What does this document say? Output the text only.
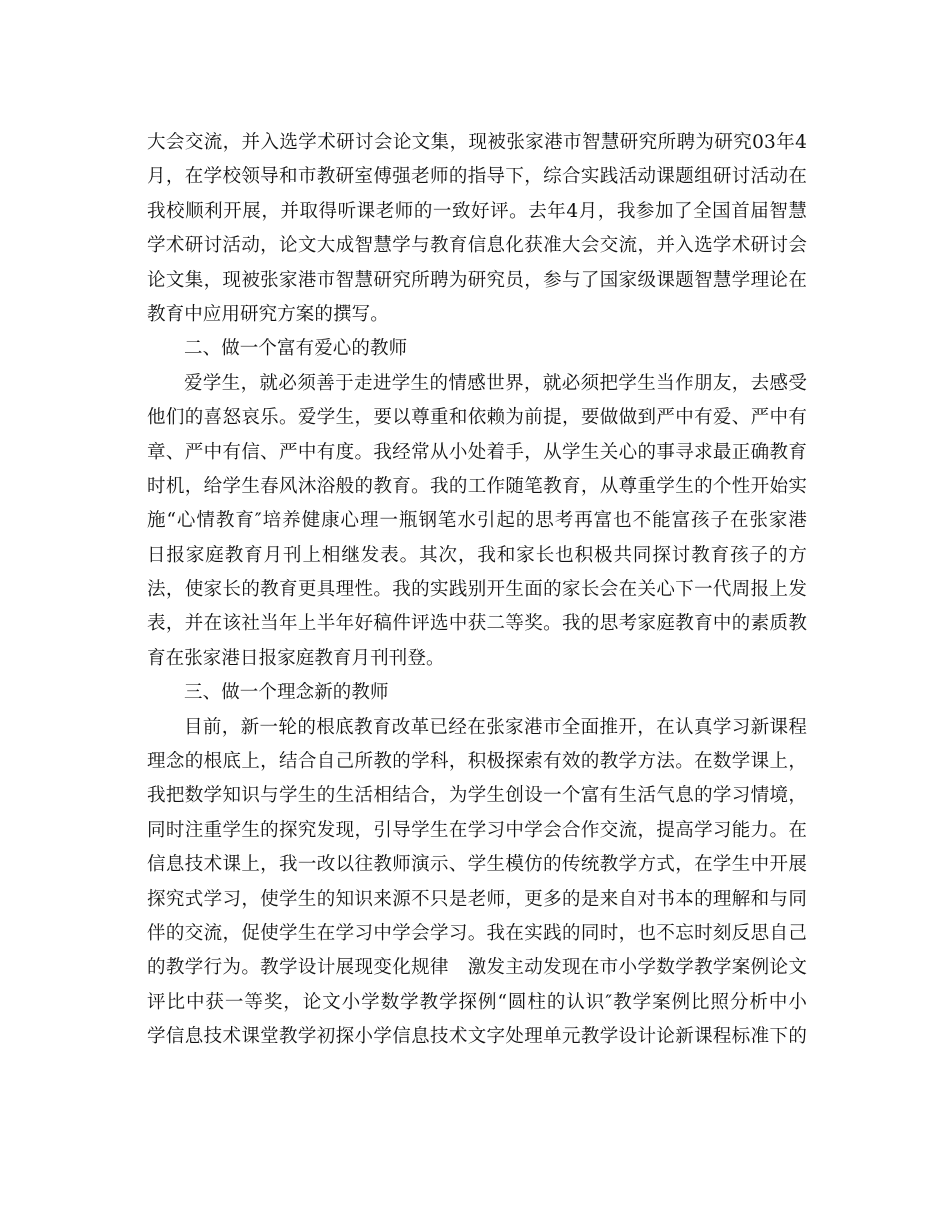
大会交流，并入选学术研讨会论文集，现被张家港市智慧研究所聘为研究03年4
月，在学校领导和市教研室傅强老师的指导下，综合实践活动课题组研讨活动在
我校顺利开展，并取得听课老师的一致好评。去年4月，我参加了全国首届智慧
学术研讨活动，论文大成智慧学与教育信息化获准大会交流，并入选学术研讨会
论文集，现被张家港市智慧研究所聘为研究员，参与了国家级课题智慧学理论在
教育中应用研究方案的撰写。
二、做一个富有爱心的教师
爱学生，就必须善于走进学生的情感世界，就必须把学生当作朋友，去感受
他们的喜怒哀乐。爱学生，要以尊重和依赖为前提，要做做到严中有爱、严中有
章、严中有信、严中有度。我经常从小处着手，从学生关心的事寻求最正确教育
时机，给学生春风沐浴般的教育。我的工作随笔教育，从尊重学生的个性开始实
施“心情教育″培养健康心理一瓶钢笔水引起的思考再富也不能富孩子在张家港
日报家庭教育月刊上相继发表。其次，我和家长也积极共同探讨教育孩子的方
法，使家长的教育更具理性。我的实践别开生面的家长会在关心下一代周报上发
表，并在该社当年上半年好稿件评选中获二等奖。我的思考家庭教育中的素质教
育在张家港日报家庭教育月刊刊登。
三、做一个理念新的教师
目前，新一轮的根底教育改革已经在张家港市全面推开，在认真学习新课程
理念的根底上，结合自己所教的学科，积极探索有效的教学方法。在数学课上，
我把数学知识与学生的生活相结合，为学生创设一个富有生活气息的学习情境，
同时注重学生的探究发现，引导学生在学习中学会合作交流，提高学习能力。在
信息技术课上，我一改以往教师演示、学生模仿的传统教学方式，在学生中开展
探究式学习，使学生的知识来源不只是老师，更多的是来自对书本的理解和与同
伴的交流，促使学生在学习中学会学习。我在实践的同时，也不忘时刻反思自己
的教学行为。教学设计展现变化规律　激发主动发现在市小学数学教学案例论文
评比中获一等奖，论文小学数学教学探例“圆柱的认识″教学案例比照分析中小
学信息技术课堂教学初探小学信息技术文字处理单元教学设计论新课程标准下的
